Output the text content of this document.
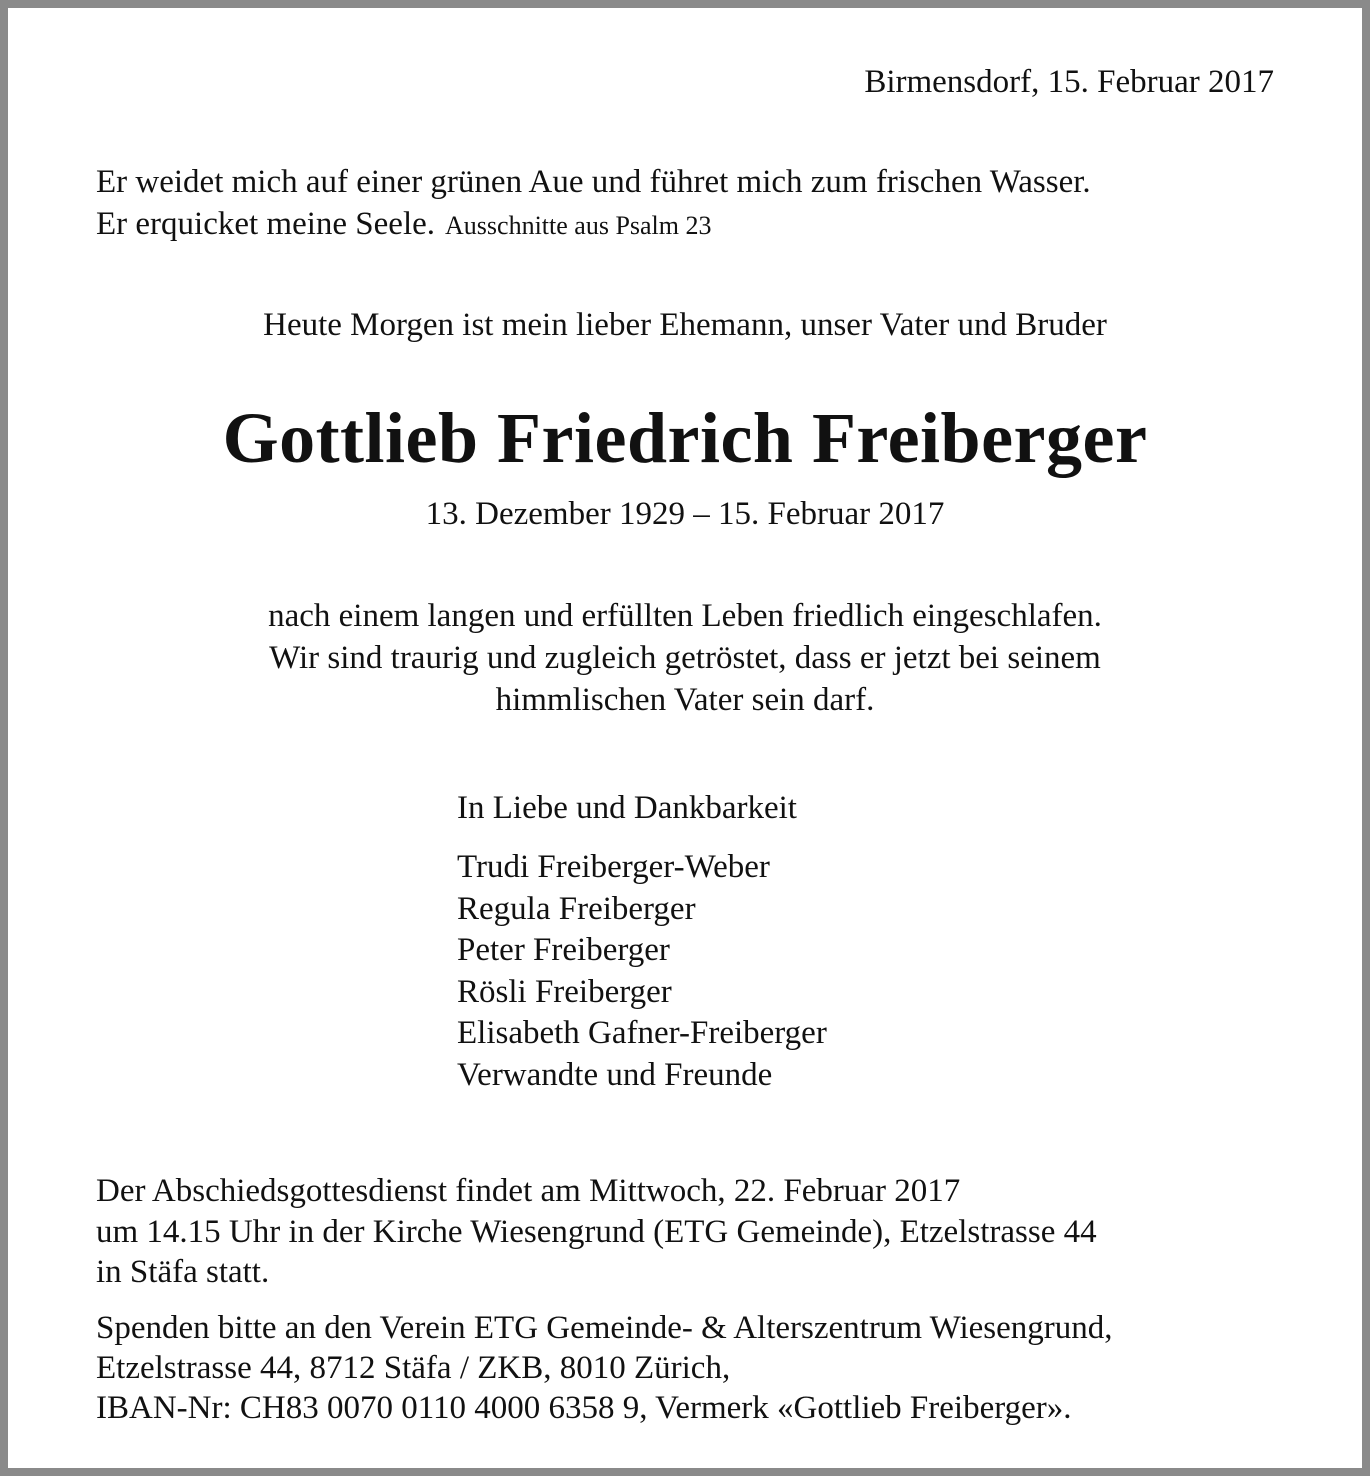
Birmensdorf, 15. Februar 2017
Er weidet mich auf einer grünen Aue und führet mich zum frischen Wasser.
Er erquicket meine Seele. Ausschnitte aus Psalm 23
Heute Morgen ist mein lieber Ehemann, unser Vater und Bruder
Gottlieb Friedrich Freiberger
13. Dezember 1929 – 15. Februar 2017
nach einem langen und erfüllten Leben friedlich eingeschlafen.
Wir sind traurig und zugleich getröstet, dass er jetzt bei seinem
himmlischen Vater sein darf.
In Liebe und Dankbarkeit
Trudi Freiberger-Weber
Regula Freiberger
Peter Freiberger
Rösli Freiberger
Elisabeth Gafner-Freiberger
Verwandte und Freunde
Der Abschiedsgottesdienst findet am Mittwoch, 22. Februar 2017
um 14.15 Uhr in der Kirche Wiesengrund (ETG Gemeinde), Etzelstrasse 44
in Stäfa statt.
Spenden bitte an den Verein ETG Gemeinde- & Alterszentrum Wiesengrund,
Etzelstrasse 44, 8712 Stäfa / ZKB, 8010 Zürich,
IBAN-Nr: CH83 0070 0110 4000 6358 9, Vermerk «Gottlieb Freiberger».
